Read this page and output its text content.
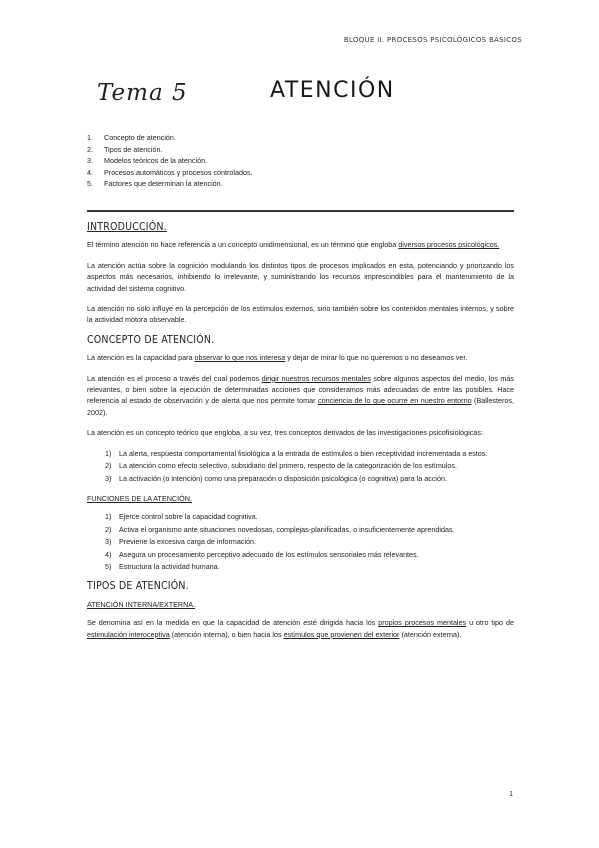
BLOQUE II. PROCESOS PSICOLÓGICOS BÁSICOS
Tema 5	ATENCIÓN
1.	Concepto de atención.
2.	Tipos de atención.
3.	Modelos teóricos de la atención.
4.	Procesos automáticos y procesos controlados.
5.	Factores que determinan la atención.
INTRODUCCIÓN.

El término atención no hace referencia a un concepto unidimensional, es un término que engloba diversos procesos psicológicos.

La atención actúa sobre la cognición modulando los distintos tipos de procesos implicados en esta, potenciando y priorizando los aspectos más necesarios, inhibiendo lo irrelevante, y suministrando los recursos imprescindibles para el mantenimiento de la actividad del sistema cognitivo.

La atención no solo influye en la percepción de los estímulos externos, sino también sobre los contenidos mentales internos, y sobre la actividad motora observable.

CONCEPTO DE ATENCIÓN.

La atención es la capacidad para observar lo que nos interesa y dejar de mirar lo que no queremos o no deseamos ver.

La atención es el proceso a través del cual podemos dirigir nuestros recursos mentales sobre algunos aspectos del medio, los más relevantes, o bien sobre la ejecución de determinadas acciones que consideramos más adecuadas de entre las posibles. Hace referencia al estado de observación y de alerta que nos permite tomar conciencia de lo que ocurre en nuestro entorno (Ballesteros, 2002).

La atención es un concepto teórico que engloba, a su vez, tres conceptos derivados de las investigaciones psicofisiológicas:

1)	La alerta, respuesta comportamental fisiológica a la entrada de estímulos o bien receptividad incrementada a estos.
2)	La atención como efecto selectivo, subsidiario del primero, respecto de la categorización de los estímulos.
3)	La activación (o intención) como una preparación o disposición psicológica (o cognitiva) para la acción.
FUNCIONES DE LA ATENCIÓN.
1)	Ejerce control sobre la capacidad cognitiva.
2)	Activa el organismo ante situaciones novedosas, complejas-planificadas, o insuficientemente aprendidas.
3)	Previene la excesiva carga de información.
4)	Asegura un procesamiento perceptivo adecuado de los estímulos sensoriales más relevantes.
5)	Estructura la actividad humana.
TIPOS DE ATENCIÓN.
ATENCIÓN INTERNA/EXTERNA.

Se denomina así en la medida en que la capacidad de atención esté dirigida hacia los propios procesos mentales u otro tipo de estimulación interoceptiva (atención interna), o bien hacia los estímulos que provienen del exterior (atención externa).

1
